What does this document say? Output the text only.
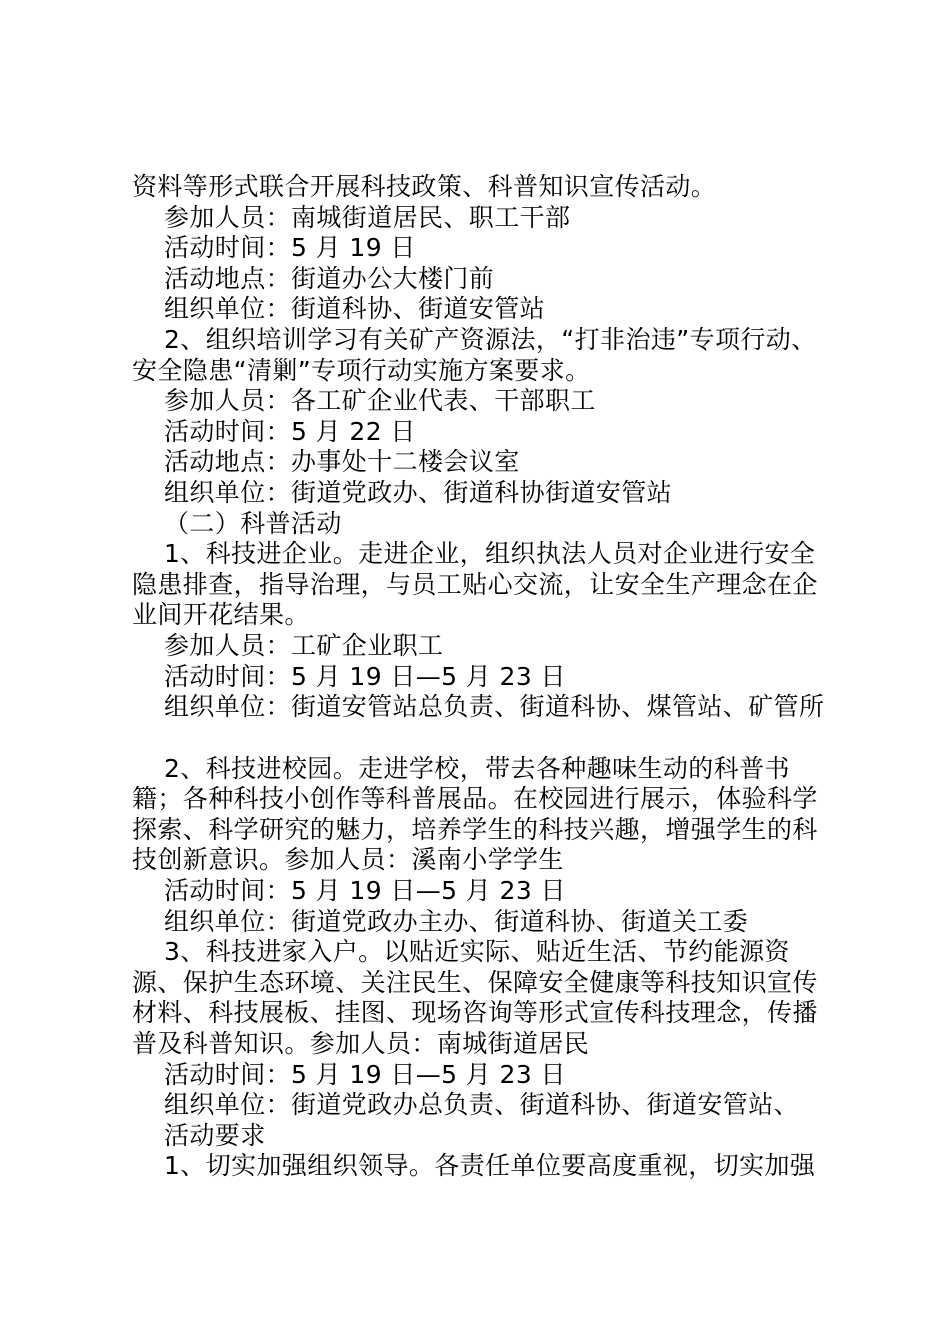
资料等形式联合开展科技政策、科普知识宣传活动。

参加人员：南城街道居民、职工干部

活动时间：5 月 19 日

活动地点：街道办公大楼门前

组织单位：街道科协、街道安管站

2、组织培训学习有关矿产资源法，“打非治违”专项行动、安全隐患“清剿”专项行动实施方案要求。

参加人员：各工矿企业代表、干部职工

活动时间：5 月 22 日

活动地点：办事处十二楼会议室

组织单位：街道党政办、街道科协街道安管站

（二）科普活动

1、科技进企业。走进企业，组织执法人员对企业进行安全隐患排查，指导治理，与员工贴心交流，让安全生产理念在企业间开花结果。

参加人员：工矿企业职工

活动时间：5 月 19 日—5 月 23 日

组织单位：街道安管站总负责、街道科协、煤管站、矿管所

2、科技进校园。走进学校，带去各种趣味生动的科普书籍；各种科技小创作等科普展品。在校园进行展示，体验科学探索、科学研究的魅力，培养学生的科技兴趣，增强学生的科技创新意识。参加人员：溪南小学学生

活动时间：5 月 19 日—5 月 23 日

组织单位：街道党政办主办、街道科协、街道关工委

3、科技进家入户。以贴近实际、贴近生活、节约能源资源、保护生态环境、关注民生、保障安全健康等科技知识宣传材料、科技展板、挂图、现场咨询等形式宣传科技理念，传播普及科普知识。参加人员：南城街道居民

活动时间：5 月 19 日—5 月 23 日

组织单位：街道党政办总负责、街道科协、街道安管站、

活动要求

1、切实加强组织领导。各责任单位要高度重视，切实加强
